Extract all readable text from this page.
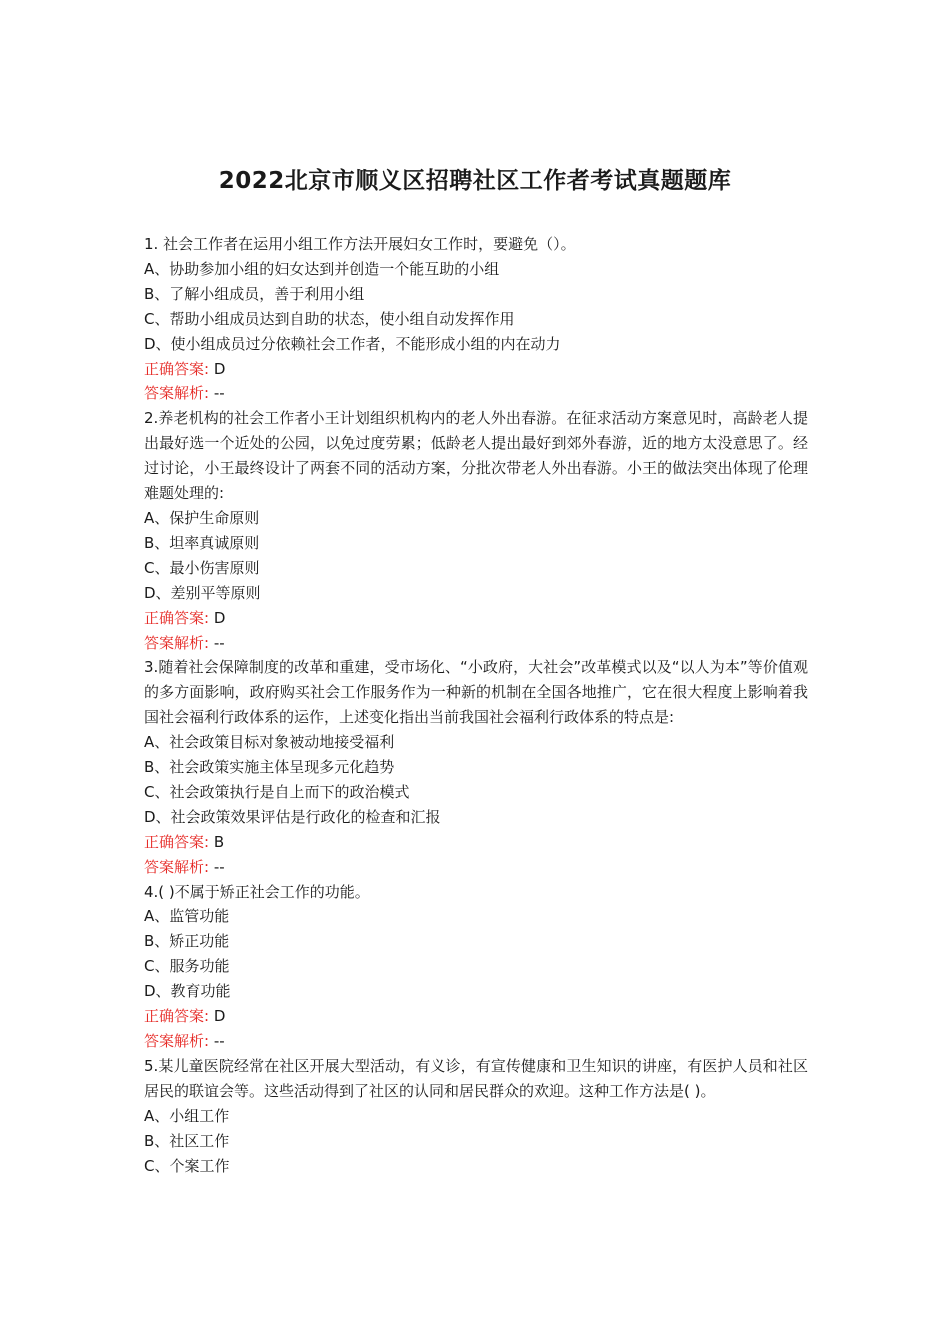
2022北京市顺义区招聘社区工作者考试真题题库
1. 社会工作者在运用小组工作方法开展妇女工作时，要避免（）。
A、协助参加小组的妇女达到并创造一个能互助的小组
B、了解小组成员，善于利用小组
C、帮助小组成员达到自助的状态，使小组自动发挥作用
D、使小组成员过分依赖社会工作者，不能形成小组的内在动力
正确答案: D
答案解析: --
2.养老机构的社会工作者小王计划组织机构内的老人外出春游。在征求活动方案意见时，高龄老人提出最好选一个近处的公园，以免过度劳累；低龄老人提出最好到郊外春游，近的地方太没意思了。经过讨论，小王最终设计了两套不同的活动方案，分批次带老人外出春游。小王的做法突出体现了伦理难题处理的:
A、保护生命原则
B、坦率真诚原则
C、最小伤害原则
D、差别平等原则
正确答案: D
答案解析: --
3.随着社会保障制度的改革和重建，受市场化、“小政府，大社会”改革模式以及“以人为本”等价值观的多方面影响，政府购买社会工作服务作为一种新的机制在全国各地推广，它在很大程度上影响着我国社会福利行政体系的运作，上述变化指出当前我国社会福利行政体系的特点是:
A、社会政策目标对象被动地接受福利
B、社会政策实施主体呈现多元化趋势
C、社会政策执行是自上而下的政治模式
D、社会政策效果评估是行政化的检查和汇报
正确答案: B
答案解析: --
4.( )不属于矫正社会工作的功能。
A、监管功能
B、矫正功能
C、服务功能
D、教育功能
正确答案: D
答案解析: --
5.某儿童医院经常在社区开展大型活动，有义诊，有宣传健康和卫生知识的讲座，有医护人员和社区居民的联谊会等。这些活动得到了社区的认同和居民群众的欢迎。这种工作方法是( )。
A、小组工作
B、社区工作
C、个案工作
